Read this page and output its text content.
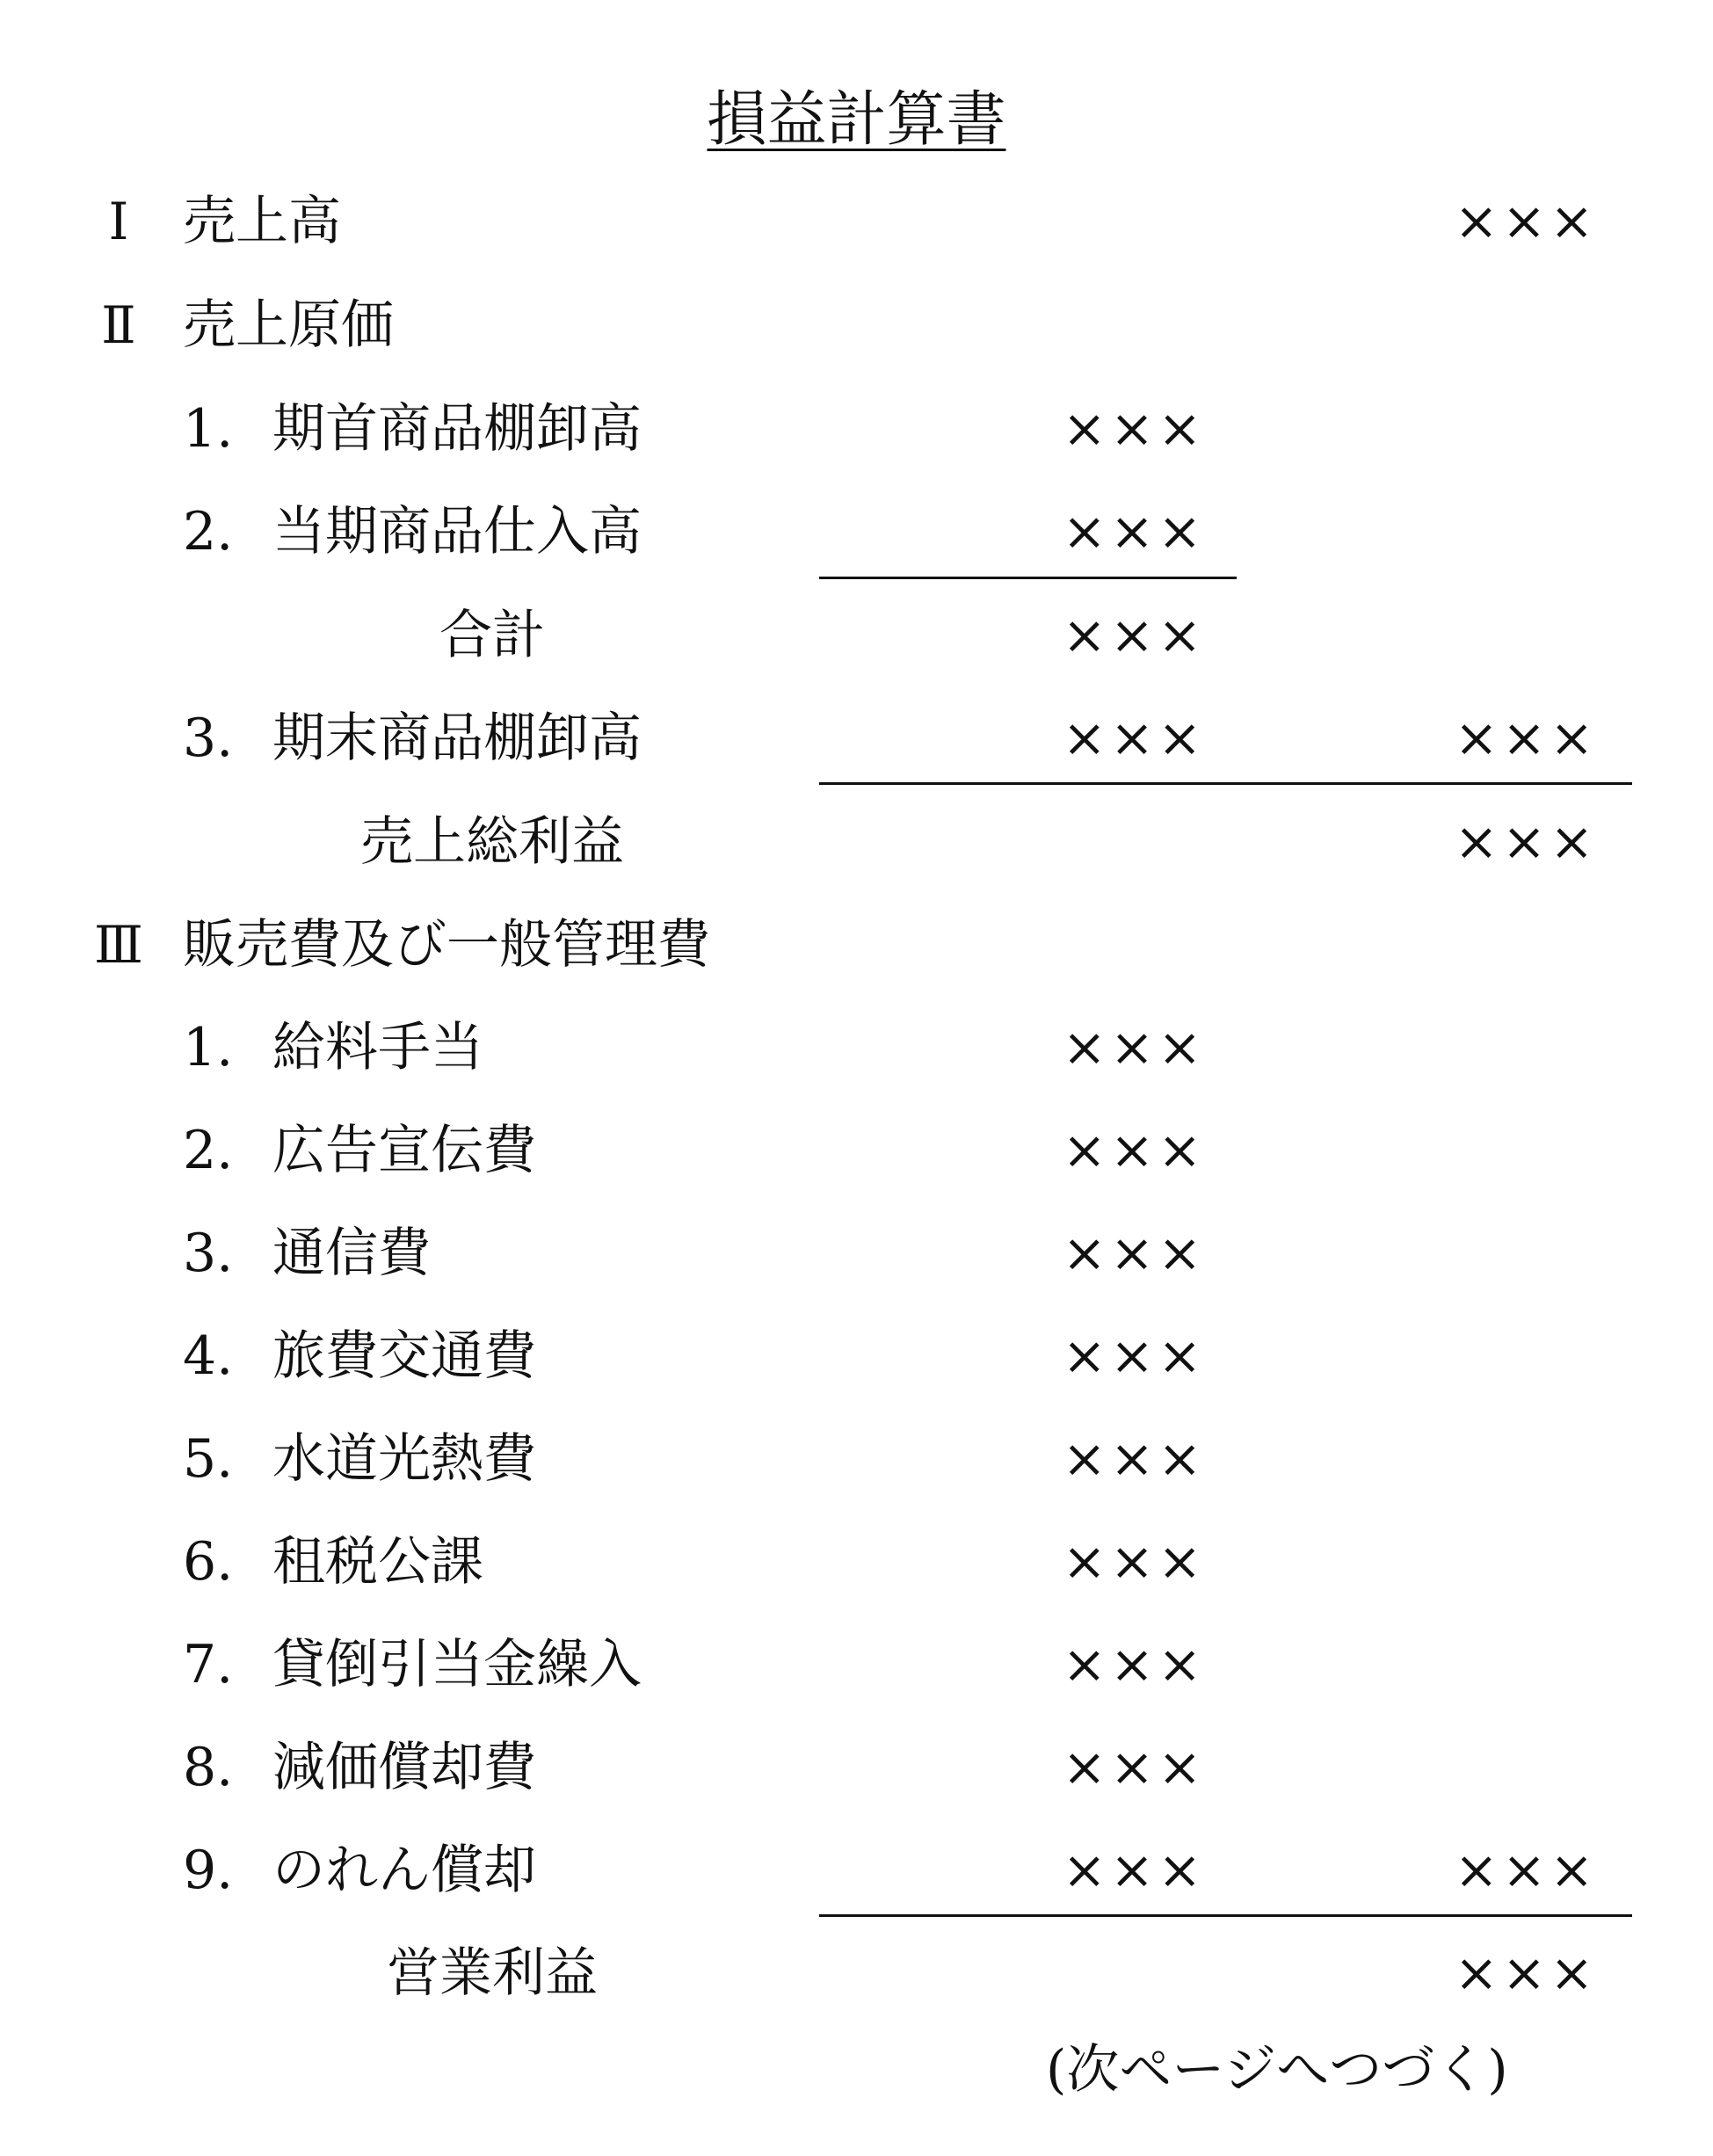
損益計算書
Ⅰ	売上高	×××
Ⅱ 売上原価
1. 期首商品棚卸高	×××
2. 当期商品仕入高	×××
合計	×××
3. 期末商品棚卸高	×××	×××
売上総利益	×××
Ⅲ 販売費及び一般管理費
1. 給料手当	×××
2. 広告宣伝費	×××
3. 通信費	×××
4. 旅費交通費	×××
5. 水道光熱費	×××
6. 租税公課	×××
7. 貸倒引当金繰入	×××
8. 減価償却費	×××
9. のれん償却	×××	×××
営業利益	×××
(次ページへつづく)
